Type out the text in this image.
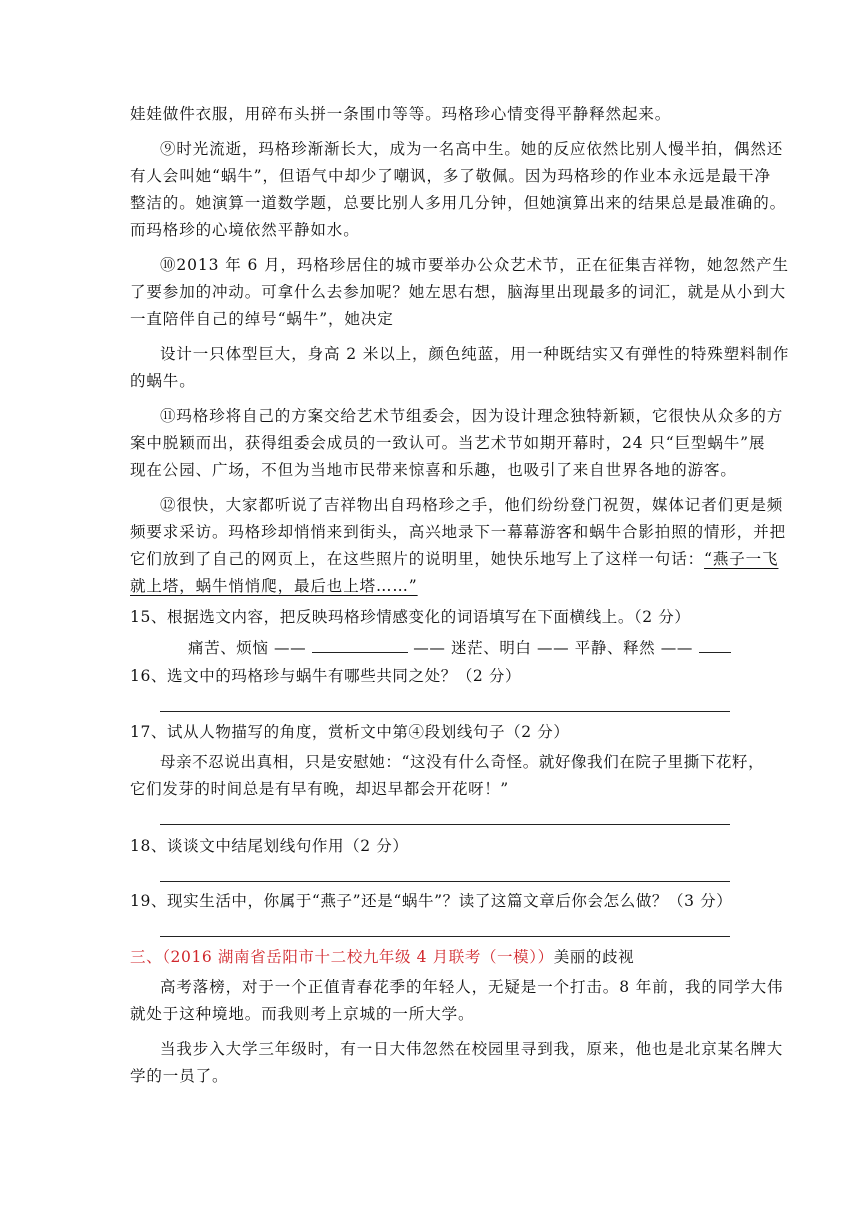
娃娃做件衣服，用碎布头拼一条围巾等等。玛格珍心情变得平静释然起来。
⑨时光流逝，玛格珍渐渐长大，成为一名高中生。她的反应依然比别人慢半拍，偶然还
有人会叫她“蜗牛”，但语气中却少了嘲讽，多了敬佩。因为玛格珍的作业本永远是最干净
整洁的。她演算一道数学题，总要比别人多用几分钟，但她演算出来的结果总是最准确的。
而玛格珍的心境依然平静如水。
⑩2013 年 6 月，玛格珍居住的城市要举办公众艺术节，正在征集吉祥物，她忽然产生
了要参加的冲动。可拿什么去参加呢？她左思右想，脑海里出现最多的词汇，就是从小到大
一直陪伴自己的绰号“蜗牛”，她决定
设计一只体型巨大，身高 2 米以上，颜色纯蓝，用一种既结实又有弹性的特殊塑料制作
的蜗牛。
⑪玛格珍将自己的方案交给艺术节组委会，因为设计理念独特新颖，它很快从众多的方
案中脱颖而出，获得组委会成员的一致认可。当艺术节如期开幕时，24 只“巨型蜗牛”展
现在公园、广场，不但为当地市民带来惊喜和乐趣，也吸引了来自世界各地的游客。
⑫很快，大家都听说了吉祥物出自玛格珍之手，他们纷纷登门祝贺，媒体记者们更是频
频要求采访。玛格珍却悄悄来到街头，高兴地录下一幕幕游客和蜗牛合影拍照的情形，并把
它们放到了自己的网页上，在这些照片的说明里，她快乐地写上了这样一句话：“燕子一飞
就上塔，蜗牛悄悄爬，最后也上塔……”
15、根据选文内容，把反映玛格珍情感变化的词语填写在下面横线上。（2 分）
痛苦、烦恼 ——	—— 迷茫、明白 —— 平静、释然 ——
16、选文中的玛格珍与蜗牛有哪些共同之处？（2 分）
17、试从人物描写的角度，赏析文中第④段划线句子（2 分）
母亲不忍说出真相，只是安慰她：“这没有什么奇怪。就好像我们在院子里撕下花籽，
它们发芽的时间总是有早有晚，却迟早都会开花呀！”
18、谈谈文中结尾划线句作用（2 分）
19、现实生活中，你属于“燕子”还是“蜗牛”？读了这篇文章后你会怎么做？（3 分）
三、（2016 湖南省岳阳市十二校九年级 4 月联考（一模））美丽的歧视
高考落榜，对于一个正值青春花季的年轻人，无疑是一个打击。8 年前，我的同学大伟
就处于这种境地。而我则考上京城的一所大学。
当我步入大学三年级时，有一日大伟忽然在校园里寻到我，原来，他也是北京某名牌大
学的一员了。
